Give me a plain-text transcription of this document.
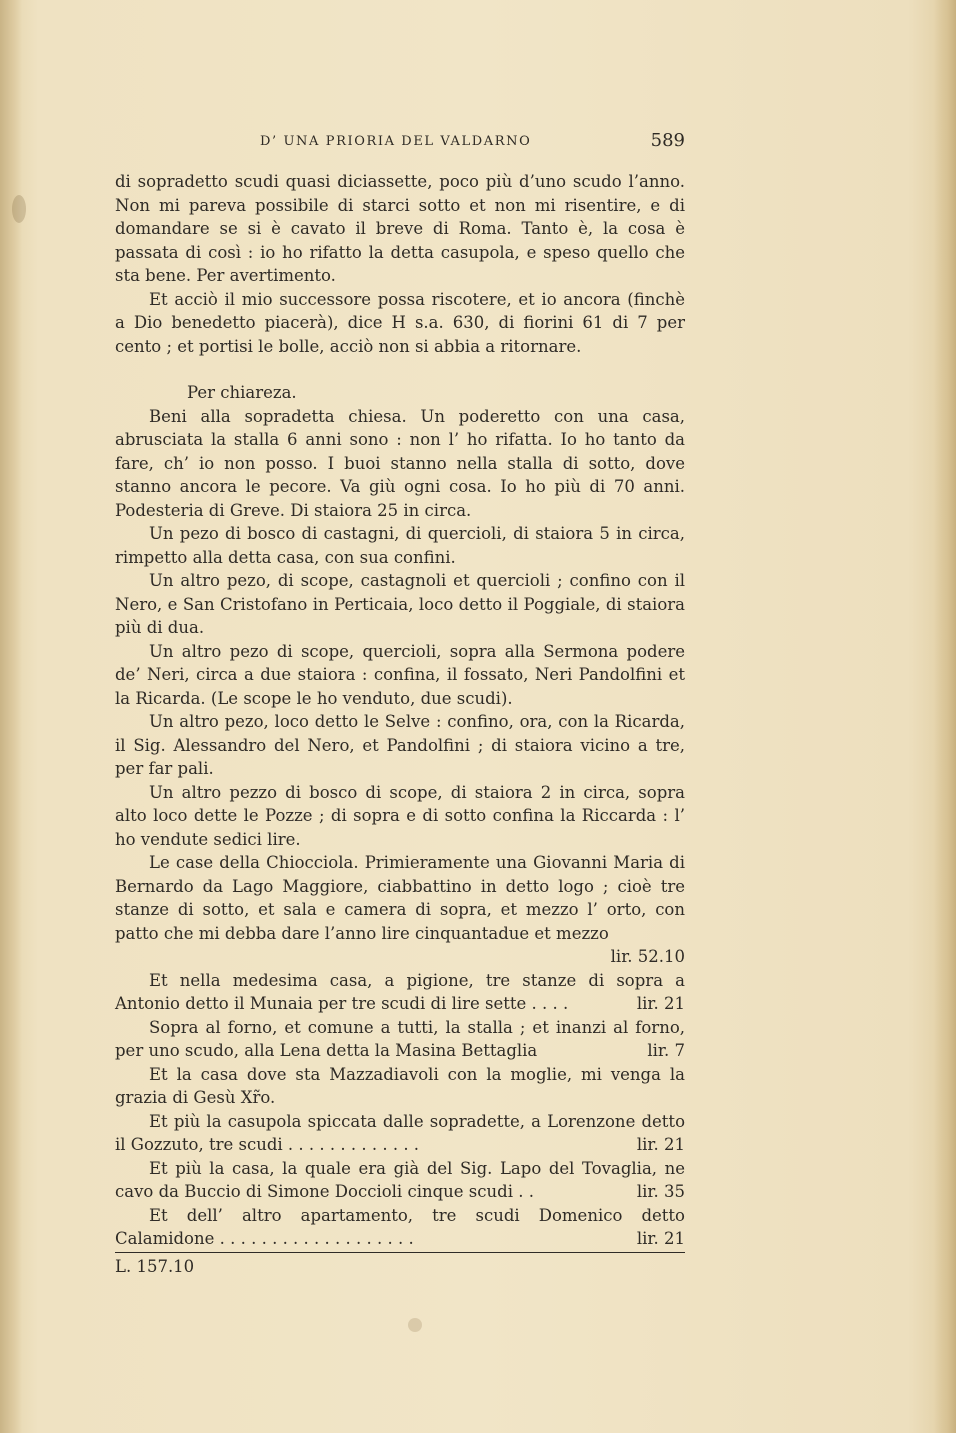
D’ UNA PRIORIA DEL VALDARNO	589

di sopradetto scudi quasi diciassette, poco più d’uno scudo l’anno. Non mi pareva possibile di starci sotto et non mi risentire, e di domandare se si è cavato il breve di Roma. Tanto è, la cosa è passata di così : io ho rifatto la detta casupola, e speso quello che sta bene. Per avertimento.

Et acciò il mio successore possa riscotere, et io ancora (finchè a Dio benedetto piacerà), dice H s.a. 630, di fiorini 61 di 7 per cento ; et portisi le bolle, acciò non si abbia a ritornare.

Per chiareza.

Beni alla sopradetta chiesa. Un poderetto con una casa, abrusciata la stalla 6 anni sono : non l’ ho rifatta. Io ho tanto da fare, ch’ io non posso. I buoi stanno nella stalla di sotto, dove stanno ancora le pecore. Va giù ogni cosa. Io ho più di 70 anni. Podesteria di Greve. Di staiora 25 in circa.

Un pezo di bosco di castagni, di quercioli, di staiora 5 in circa, rimpetto alla detta casa, con sua confini.

Un altro pezo, di scope, castagnoli et quercioli ; confino con il Nero, e San Cristofano in Perticaia, loco detto il Poggiale, di staiora più di dua.

Un altro pezo di scope, quercioli, sopra alla Sermona podere de’ Neri, circa a due staiora : confina, il fossato, Neri Pandolfini et la Ricarda. (Le scope le ho venduto, due scudi).

Un altro pezo, loco detto le Selve : confino, ora, con la Ricarda, il Sig. Alessandro del Nero, et Pandolfini ; di staiora vicino a tre, per far pali.

Un altro pezzo di bosco di scope, di staiora 2 in circa, sopra alto loco dette le Pozze ; di sopra e di sotto confina la Riccarda : l’ ho vendute sedici lire.

Le case della Chiocciola. Primieramente una Giovanni Maria di Bernardo da Lago Maggiore, ciabbattino in detto logo ; cioè tre stanze di sotto, et sala e camera di sopra, et mezzo l’ orto, con patto che mi debba dare l’anno lire cinquantadue et mezzo
lir. 52.10

Et nella medesima casa, a pigione, tre stanze di sopra a Antonio detto il Munaia per tre scudi di lire sette . . . .	lir. 21

Sopra al forno, et comune a tutti, la stalla ; et inanzi al forno, per uno scudo, alla Lena detta la Masina Bettaglia	lir. 7

Et la casa dove sta Mazzadiavoli con la moglie, mi venga la grazia di Gesù Xr̃o.

Et più la casupola spiccata dalle sopradette, a Lorenzone detto il Gozzuto, tre scudi . . . . . . . . . . . . .	lir. 21

Et più la casa, la quale era già del Sig. Lapo del Tovaglia, ne cavo da Buccio di Simone Doccioli cinque scudi . .	lir. 35

Et dell’ altro apartamento, tre scudi Domenico detto Calamidone . . . . . . . . . . . . . . . . . . .	lir. 21

L. 157.10
